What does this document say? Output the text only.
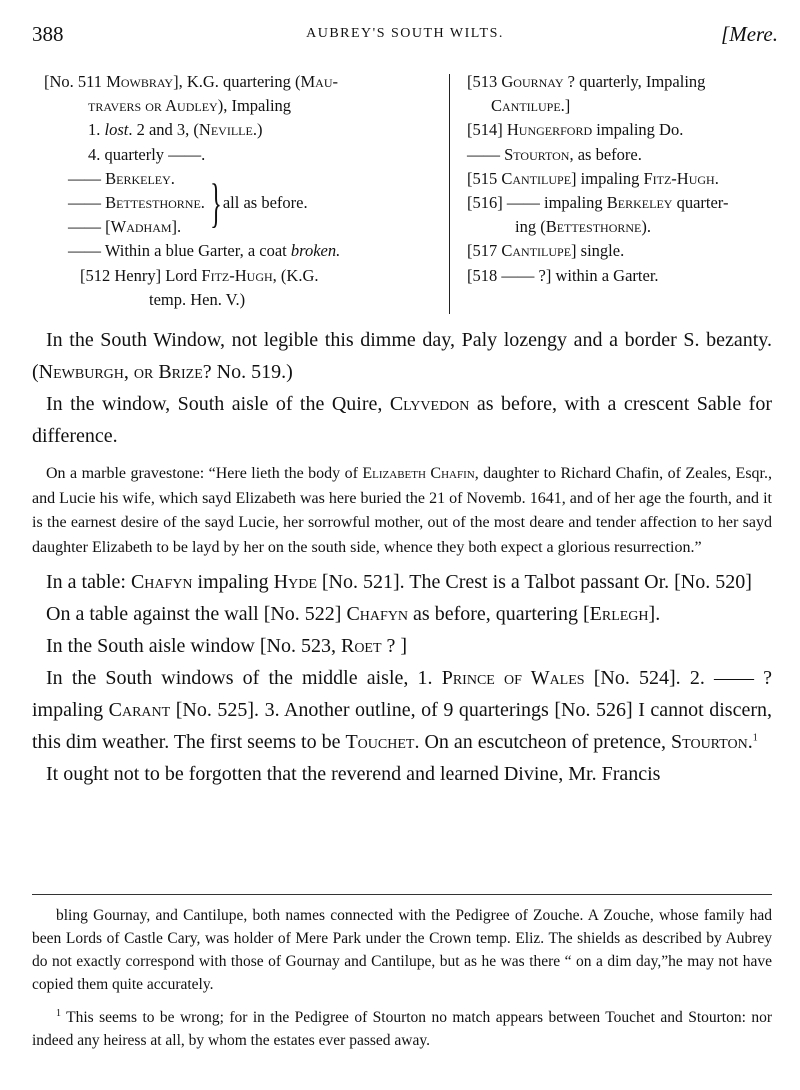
388	AUBREY'S SOUTH WILTS.	[Mere.
[No. 511 Mowbray], K.G. quartering (Mau-
travers or Audley), Impaling
1. lost. 2 and 3, (Neville.)
4. quarterly ——.
—— Berkeley.
—— Bettesthorne.
—— [Wadham]. } all as before.
—— Within a blue Garter, a coat broken.
[512 Henry] Lord Fitz-Hugh, (K.G.
temp. Hen. V.)
[513 Gournay ? quarterly, Impaling
Cantilupe.]
[514] Hungerford impaling Do.
—— Stourton, as before.
[515 Cantilupe] impaling Fitz-Hugh.
[516] —— impaling Berkeley quarter-
ing (Bettesthorne).
[517 Cantilupe] single.
[518 —— ?] within a Garter.

In the South Window, not legible this dimme day, Paly lozengy and a border S. bezanty. (Newburgh, or Brize? No. 519.)

In the window, South aisle of the Quire, Clyvedon as before, with a crescent Sable for difference.

On a marble gravestone: “Here lieth the body of Elizabeth Chafin, daughter to Richard Chafin, of Zeales, Esqr., and Lucie his wife, which sayd Elizabeth was here buried the 21 of Novemb. 1641, and of her age the fourth, and it is the earnest desire of the sayd Lucie, her sorrowful mother, out of the most deare and tender affection to her sayd daughter Elizabeth to be layd by her on the south side, whence they both expect a glorious resurrection.”

In a table: Chafyn impaling Hyde [No. 521]. The Crest is a Talbot passant Or. [No. 520]

On a table against the wall [No. 522] Chafyn as before, quartering [Erlegh].

In the South aisle window [No. 523, Roet ? ]

In the South windows of the middle aisle, 1. Prince of Wales [No. 524]. 2. —— ? impaling Carant [No. 525]. 3. Another outline, of 9 quarterings [No. 526] I cannot discern, this dim weather. The first seems to be Touchet. On an escutcheon of pretence, Stourton.$^1$

It ought not to be forgotten that the reverend and learned Divine, Mr. Francis

bling Gournay, and Cantilupe, both names connected with the Pedigree of Zouche. A Zouche, whose family had been Lords of Castle Cary, was holder of Mere Park under the Crown temp. Eliz. The shields as described by Aubrey do not exactly correspond with those of Gournay and Cantilupe, but as he was there “ on a dim day,”he may not have copied them quite accurately.

$^1$ This seems to be wrong; for in the Pedigree of Stourton no match appears between Touchet and Stourton: nor indeed any heiress at all, by whom the estates ever passed away.
